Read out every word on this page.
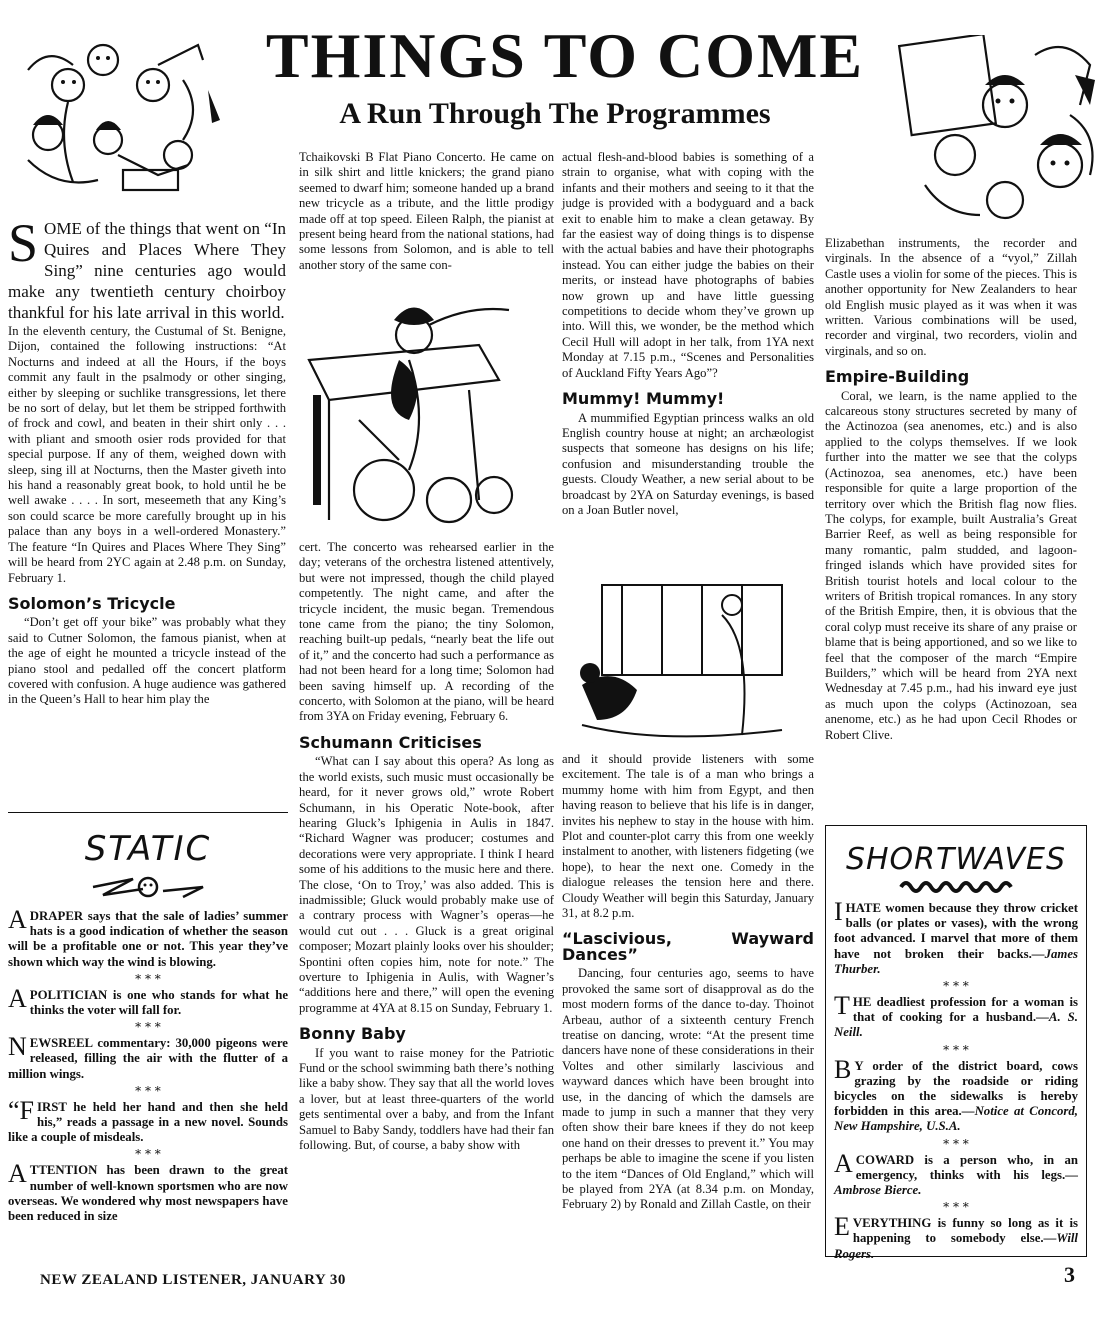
THINGS TO COME
A Run Through The Programmes

SOME of the things that went on “In Quires and Places Where They Sing” nine centuries ago would make any twentieth century choirboy thankful for his late arrival in this world.

In the eleventh century, the Custumal of St. Benigne, Dijon, contained the following instructions: “At Nocturns and indeed at all the Hours, if the boys commit any fault in the psalmody or other singing, either by sleeping or suchlike transgressions, let there be no sort of delay, but let them be stripped forthwith of frock and cowl, and beaten in their shirt only . . . with pliant and smooth osier rods provided for that special purpose. If any of them, weighed down with sleep, sing ill at Nocturns, then the Master giveth into his hand a reasonably great book, to hold until he be well awake . . . . In sort, meseemeth that any King’s son could scarce be more carefully brought up in his palace than any boys in a well-ordered Monastery.” The feature “In Quires and Places Where They Sing” will be heard from 2YC again at 2.48 p.m. on Sunday, February 1.

Solomon’s Tricycle

“Don’t get off your bike” was probably what they said to Cutner Solomon, the famous pianist, when at the age of eight he mounted a tricycle instead of the piano stool and pedalled off the concert platform covered with confusion. A huge audience was gathered in the Queen’s Hall to hear him play the

STATIC
ADRAPER says that the sale of ladies’ summer hats is a good indication of whether the season will be a profitable one or not. This year they’ve shown which way the wind is blowing.
* * *
APOLITICIAN is one who stands for what he thinks the voter will fall for.
* * *
NEWSREEL commentary: 30,000 pigeons were released, filling the air with the flutter of a million wings.
* * *
“FIRST he held her hand and then she held his,” reads a passage in a new novel. Sounds like a couple of misdeals.
* * *
ATTENTION has been drawn to the great number of well-known sportsmen who are now overseas. We wondered why most newspapers have been reduced in size

Tchaikovski B Flat Piano Concerto. He came on in silk shirt and little knickers; the grand piano seemed to dwarf him; someone handed up a brand new tricycle as a tribute, and the little prodigy made off at top speed. Eileen Ralph, the pianist at present being heard from the national stations, had some lessons from Solomon, and is able to tell another story of the same con-

cert. The concerto was rehearsed earlier in the day; veterans of the orchestra listened attentively, but were not impressed, though the child played competently. The night came, and after the tricycle incident, the music began. Tremendous tone came from the piano; the tiny Solomon, reaching built-up pedals, “nearly beat the life out of it,” and the concerto had such a performance as had not been heard for a long time; Solomon had been saving himself up. A recording of the concerto, with Solomon at the piano, will be heard from 3YA on Friday evening, February 6.

Schumann Criticises

“What can I say about this opera? As long as the world exists, such music must occasionally be heard, for it never grows old,” wrote Robert Schumann, in his Operatic Note-book, after hearing Gluck’s Iphigenia in Aulis in 1847. “Richard Wagner was producer; costumes and decorations were very appropriate. I think I heard some of his additions to the music here and there. The close, ‘On to Troy,’ was also added. This is inadmissible; Gluck would probably make use of a contrary process with Wagner’s operas—he would cut out . . . Gluck is a great original composer; Mozart plainly looks over his shoulder; Spontini often copies him, note for note.” The overture to Iphigenia in Aulis, with Wagner’s “additions here and there,” will open the evening programme at 4YA at 8.15 on Sunday, February 1.

Bonny Baby

If you want to raise money for the Patriotic Fund or the school swimming bath there’s nothing like a baby show. They say that all the world loves a lover, but at least three-quarters of the world gets sentimental over a baby, and from the Infant Samuel to Baby Sandy, toddlers have had their fan following. But, of course, a baby show with

actual flesh-and-blood babies is something of a strain to organise, what with coping with the infants and their mothers and seeing to it that the judge is provided with a bodyguard and a back exit to enable him to make a clean getaway. By far the easiest way of doing things is to dispense with the actual babies and have their photographs instead. You can either judge the babies on their merits, or instead have photographs of babies now grown up and have little guessing competitions to decide whom they’ve grown up into. Will this, we wonder, be the method which Cecil Hull will adopt in her talk, from 1YA next Monday at 7.15 p.m., “Scenes and Personalities of Auckland Fifty Years Ago”?

Mummy! Mummy!

A mummified Egyptian princess walks an old English country house at night; an archæologist suspects that someone has designs on his life; confusion and misunderstanding trouble the guests. Cloudy Weather, a new serial about to be broadcast by 2YA on Saturday evenings, is based on a Joan Butler novel,

and it should provide listeners with some excitement. The tale is of a man who brings a mummy home with him from Egypt, and then having reason to believe that his life is in danger, invites his nephew to stay in the house with him. Plot and counter-plot carry this from one weekly instalment to another, with listeners fidgeting (we hope), to hear the next one. Comedy in the dialogue releases the tension here and there. Cloudy Weather will begin this Saturday, January 31, at 8.2 p.m.

“Lascivious, Wayward Dances”

Dancing, four centuries ago, seems to have provoked the same sort of disapproval as do the most modern forms of the dance to-day. Thoinot Arbeau, author of a sixteenth century French treatise on dancing, wrote: “At the present time dancers have none of these considerations in their Voltes and other similarly lascivious and wayward dances which have been brought into use, in the dancing of which the damsels are made to jump in such a manner that they very often show their bare knees if they do not keep one hand on their dresses to prevent it.” You may perhaps be able to imagine the scene if you listen to the item “Dances of Old England,” which will be played from 2YA (at 8.34 p.m. on Monday, February 2) by Ronald and Zillah Castle, on their

Elizabethan instruments, the recorder and virginals. In the absence of a “vyol,” Zillah Castle uses a violin for some of the pieces. This is another opportunity for New Zealanders to hear old English music played as it was when it was written. Various combinations will be used, recorder and virginal, two recorders, violin and virginals, and so on.

Empire-Building

Coral, we learn, is the name applied to the calcareous stony structures secreted by many of the Actinozoa (sea anenomes, etc.) and is also applied to the colyps themselves. If we look further into the matter we see that the colyps (Actinozoa, sea anenomes, etc.) have been responsible for quite a large proportion of the territory over which the British flag now flies. The colyps, for example, built Australia’s Great Barrier Reef, as well as being responsible for many romantic, palm studded, and lagoon-fringed islands which have provided sites for British tourist hotels and local colour to the writers of British tropical romances. In any story of the British Empire, then, it is obvious that the coral colyp must receive its share of any praise or blame that is being apportioned, and so we like to feel that the composer of the march “Empire Builders,” which will be heard from 2YA next Wednesday at 7.45 p.m., had his inward eye just as much upon the colyps (Actinozoan, sea anenome, etc.) as he had upon Cecil Rhodes or Robert Clive.

SHORTWAVES
IHATE women because they throw cricket balls (or plates or vases), with the wrong foot advanced. I marvel that more of them have not broken their backs.—James Thurber.
* * *
THE deadliest profession for a woman is that of cooking for a husband.—A. S. Neill.
* * *
B Y order of the district board, cows grazing by the roadside or riding bicycles on the sidewalks is hereby forbidden in this area.—Notice at Concord, New Hampshire, U.S.A.
* * *
ACOWARD is a person who, in an emergency, thinks with his legs.—Ambrose Bierce.
* * *
EVERYTHING is funny so long as it is happening to somebody else.—Will Rogers.
NEW ZEALAND LISTENER, JANUARY 30	3
